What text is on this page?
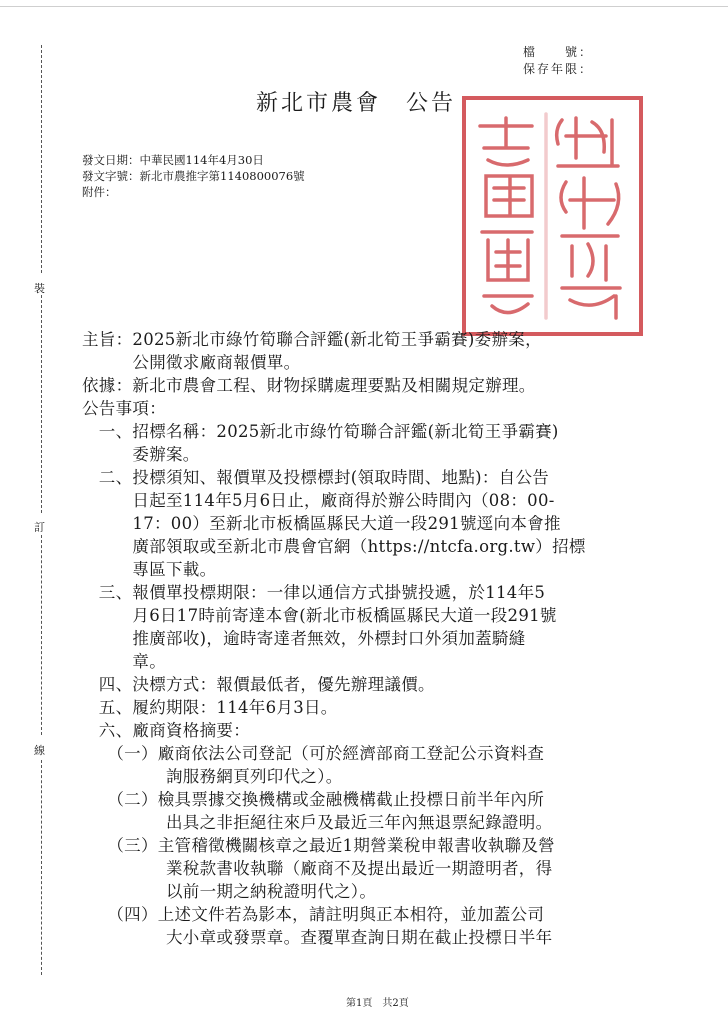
檔　　號：
保存年限：
新北市農會　公告
發文日期：中華民國114年4月30日
發文字號：新北市農推字第1140800076號
附件：
裝
訂
線
主旨：2025新北市綠竹筍聯合評鑑(新北筍王爭霸賽)委辦案，
　　　公開徵求廠商報價單。
依據：新北市農會工程、財物採購處理要點及相關規定辦理。
公告事項：
　一、招標名稱：2025新北市綠竹筍聯合評鑑(新北筍王爭霸賽)
　　　委辦案。
　二、投標須知、報價單及投標標封(領取時間、地點)：自公告
　　　日起至114年5月6日止，廠商得於辦公時間內（08：00-
　　　17：00）至新北市板橋區縣民大道一段291號逕向本會推
　　　廣部領取或至新北市農會官網（https://ntcfa.org.tw）招標
　　　專區下載。
　三、報價單投標期限：一律以通信方式掛號投遞，於114年5
　　　月6日17時前寄達本會(新北市板橋區縣民大道一段291號
　　　推廣部收)，逾時寄達者無效，外標封口外須加蓋騎縫
　　　章。
　四、決標方式：報價最低者，優先辦理議價。
　五、履約期限：114年6月3日。
　六、廠商資格摘要：
　　（一）廠商依法公司登記（可於經濟部商工登記公示資料查
　　　　　詢服務網頁列印代之）。
　　（二）檢具票據交換機構或金融機構截止投標日前半年內所
　　　　　出具之非拒絕往來戶及最近三年內無退票紀錄證明。
　　（三）主管稽徵機關核章之最近1期營業稅申報書收執聯及營
　　　　　業稅款書收執聯（廠商不及提出最近一期證明者，得
　　　　　以前一期之納稅證明代之）。
　　（四）上述文件若為影本，請註明與正本相符，並加蓋公司
　　　　　大小章或發票章。查覆單查詢日期在截止投標日半年
第1頁　共2頁
